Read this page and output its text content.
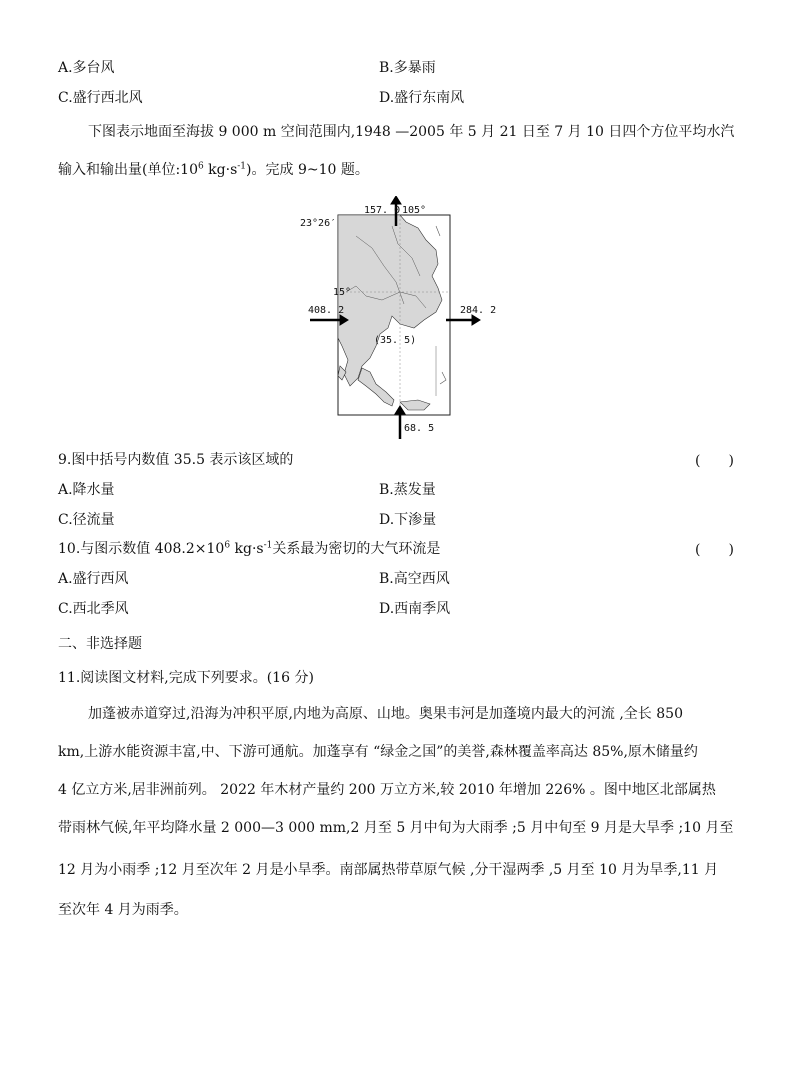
A.多台风	B.多暴雨
C.盛行西北风	D.盛行东南风
下图表示地面至海拔 9 000 m 空间范围内,1948 —2005 年 5 月 21 日至 7 月 10 日四个方位平均水汽
输入和输出量(单位$:10^6$ $kg\cdot s^{-1}$)。完成 9~10 题。
157. 0 105°
23°26′
15°
408. 2	284. 2
(35. 5)
68. 5
9.图中括号内数值 35.5 表示该区域的	(　　)
A.降水量	B.蒸发量
C.径流量	D.下渗量
10.与图示数值 $408.2\times 10^6$ $kg\cdot s^{-1}$关系最为密切的大气环流是	(　　)
A.盛行西风	B.高空西风
C.西北季风	D.西南季风
二、非选择题
11.阅读图文材料,完成下列要求。(16 分)
加蓬被赤道穿过,沿海为冲积平原,内地为高原、山地。奥果韦河是加蓬境内最大的河流 ,全长 850
km,上游水能资源丰富,中、下游可通航。加蓬享有 “绿金之国”的美誉,森林覆盖率高达 85%,原木储量约
4 亿立方米,居非洲前列。 2022 年木材产量约 200 万立方米,较 2010 年增加 226% 。图中地区北部属热
带雨林气候,年平均降水量 2 000—3 000 mm,2 月至 5 月中旬为大雨季 ;5 月中旬至 9 月是大旱季 ;10 月至
12 月为小雨季 ;12 月至次年 2 月是小旱季。南部属热带草原气候 ,分干湿两季 ,5 月至 10 月为旱季,11 月
至次年 4 月为雨季。
